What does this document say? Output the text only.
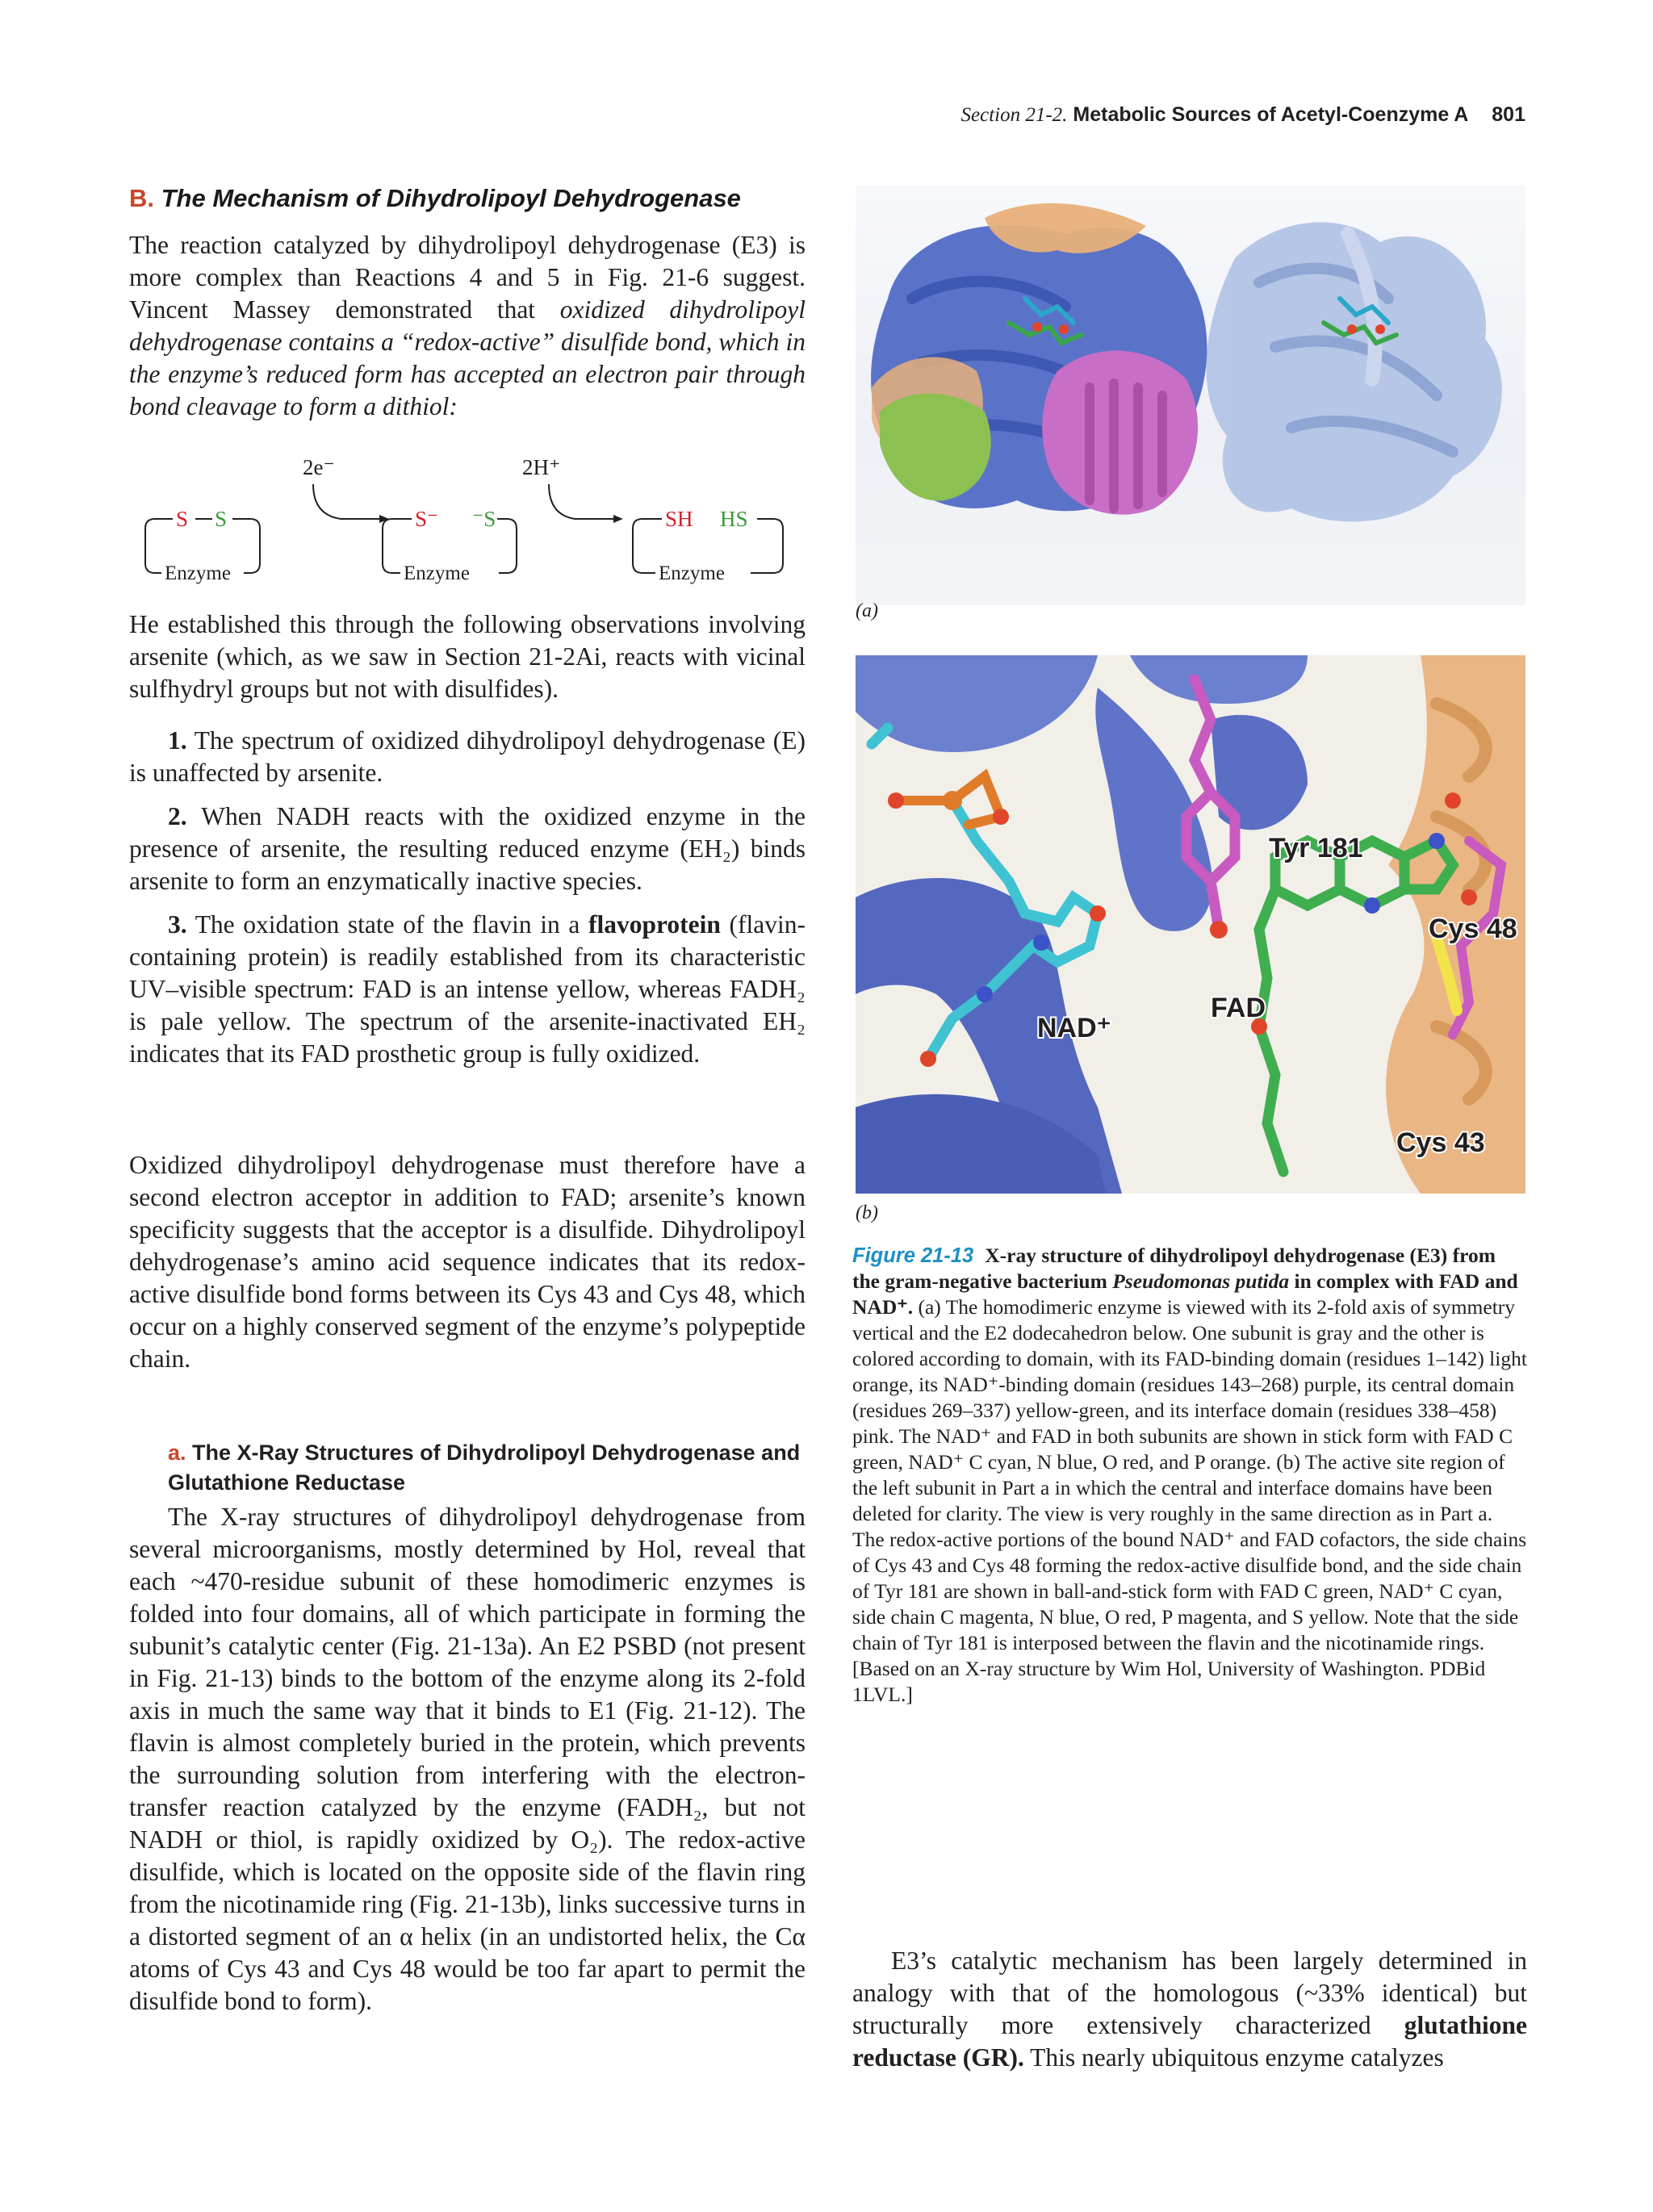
Section 21-2. Metabolic Sources of Acetyl-Coenzyme A 801
B. The Mechanism of Dihydrolipoyl Dehydrogenase
The reaction catalyzed by dihydrolipoyl dehydrogenase (E3) is more complex than Reactions 4 and 5 in Fig. 21-6 suggest. Vincent Massey demonstrated that oxidized dihydrolipoyl dehydrogenase contains a “redox-active” disulfide bond, which in the enzyme’s reduced form has accepted an electron pair through bond cleavage to form a dithiol:
2e⁻	2H⁺
S S
Enzyme
S⁻ ⁻S
Enzyme
SH HS
Enzyme

He established this through the following observations involving arsenite (which, as we saw in Section 21-2Ai, reacts with vicinal sulfhydryl groups but not with disulfides).

1. The spectrum of oxidized dihydrolipoyl dehydrogenase (E) is unaffected by arsenite.

2. When NADH reacts with the oxidized enzyme in the presence of arsenite, the resulting reduced enzyme (EH₂) binds arsenite to form an enzymatically inactive species.

3. The oxidation state of the flavin in a flavoprotein (flavin-containing protein) is readily established from its characteristic UV–visible spectrum: FAD is an intense yellow, whereas FADH₂ is pale yellow. The spectrum of the arsenite-inactivated EH₂ indicates that its FAD prosthetic group is fully oxidized.

Oxidized dihydrolipoyl dehydrogenase must therefore have a second electron acceptor in addition to FAD; arsenite’s known specificity suggests that the acceptor is a disulfide. Dihydrolipoyl dehydrogenase’s amino acid sequence indicates that its redox-active disulfide bond forms between its Cys 43 and Cys 48, which occur on a highly conserved segment of the enzyme’s polypeptide chain.
a. The X-Ray Structures of Dihydrolipoyl Dehydrogenase and Glutathione Reductase
The X-ray structures of dihydrolipoyl dehydrogenase from several microorganisms, mostly determined by Hol, reveal that each ~470-residue subunit of these homodimeric enzymes is folded into four domains, all of which participate in forming the subunit’s catalytic center (Fig. 21-13a). An E2 PSBD (not present in Fig. 21-13) binds to the bottom of the enzyme along its 2-fold axis in much the same way that it binds to E1 (Fig. 21-12). The flavin is almost completely buried in the protein, which prevents the surrounding solution from interfering with the electron-transfer reaction catalyzed by the enzyme (FADH₂, but not NADH or thiol, is rapidly oxidized by O₂). The redox-active disulfide, which is located on the opposite side of the flavin ring from the nicotinamide ring (Fig. 21-13b), links successive turns in a distorted segment of an α helix (in an undistorted helix, the Cα atoms of Cys 43 and Cys 48 would be too far apart to permit the disulfide bond to form).
(a)
Tyr 181
Cys 48
FAD
NAD⁺
Cys 43
(b)
Figure 21-13 X-ray structure of dihydrolipoyl dehydrogenase (E3) from the gram-negative bacterium Pseudomonas putida in complex with FAD and NAD⁺. (a) The homodimeric enzyme is viewed with its 2-fold axis of symmetry vertical and the E2 dodecahedron below. One subunit is gray and the other is colored according to domain, with its FAD-binding domain (residues 1–142) light orange, its NAD⁺-binding domain (residues 143–268) purple, its central domain (residues 269–337) yellow-green, and its interface domain (residues 338–458) pink. The NAD⁺ and FAD in both subunits are shown in stick form with FAD C green, NAD⁺ C cyan, N blue, O red, and P orange. (b) The active site region of the left subunit in Part a in which the central and interface domains have been deleted for clarity. The view is very roughly in the same direction as in Part a. The redox-active portions of the bound NAD⁺ and FAD cofactors, the side chains of Cys 43 and Cys 48 forming the redox-active disulfide bond, and the side chain of Tyr 181 are shown in ball-and-stick form with FAD C green, NAD⁺ C cyan, side chain C magenta, N blue, O red, P magenta, and S yellow. Note that the side chain of Tyr 181 is interposed between the flavin and the nicotinamide rings. [Based on an X-ray structure by Wim Hol, University of Washington. PDBid 1LVL.]
E3’s catalytic mechanism has been largely determined in analogy with that of the homologous (~33% identical) but structurally more extensively characterized glutathione reductase (GR). This nearly ubiquitous enzyme catalyzes
